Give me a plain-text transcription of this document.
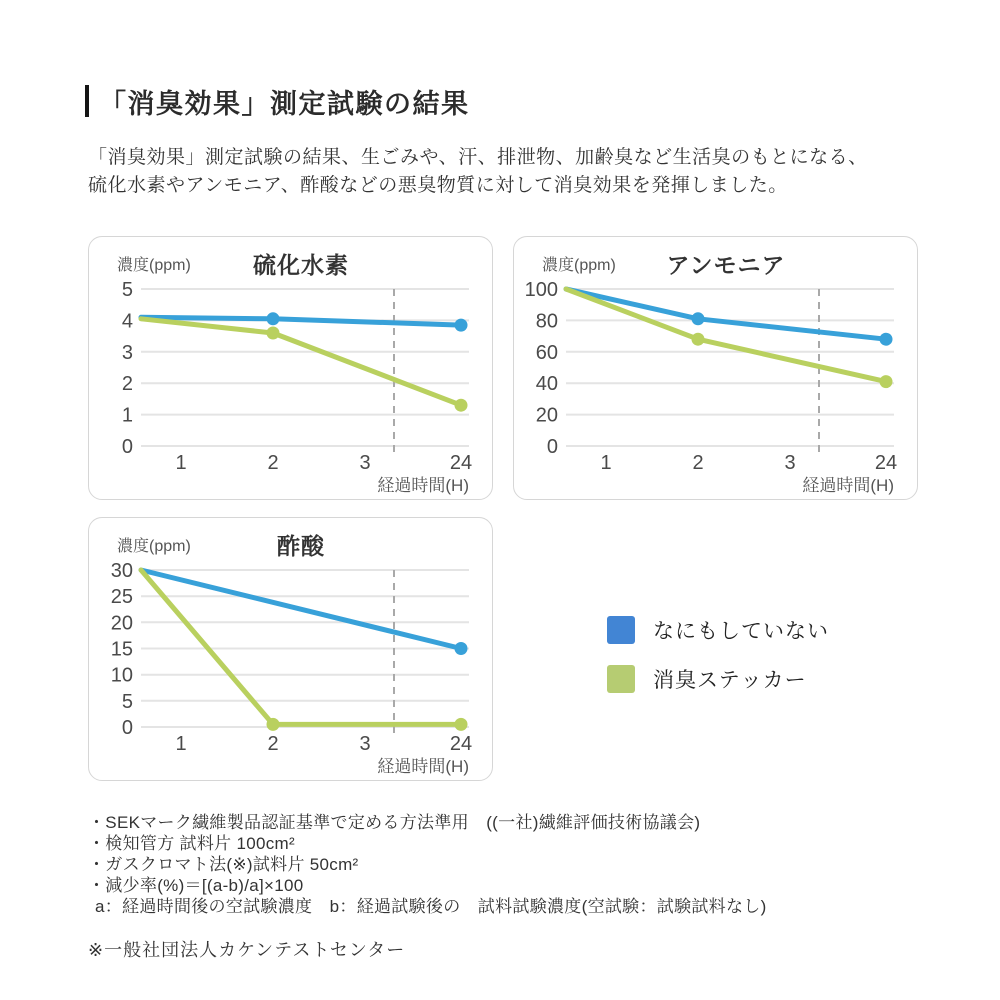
「消臭効果」測定試験の結果

「消臭効果」測定試験の結果、生ごみや、汗、排泄物、加齢臭など生活臭のもとになる、
硫化水素やアンモニア、酢酸などの悪臭物質に対して消臭効果を発揮しました。

0
1
2
3
4
5
1	2	3	24
濃度(ppm)	硫化水素
経過時間(H)
0
20
40
60
80
100
1	2	3	24
濃度(ppm) アンモニア
経過時間(H)
0
5
10
15
20
25
30
1	2	3	24
濃度(ppm)	酢酸
経過時間(H)
なにもしていない
消臭ステッカー
・SEKマーク繊維製品認証基準で定める方法準用　((一社)繊維評価技術協議会)
・検知管方 試料片 100cm²
・ガスクロマト法(※)試料片 50cm²
・減少率(%)＝[(a-b)/a]×100
a：経過時間後の空試験濃度　b：経過試験後の　試料試験濃度(空試験：試験試料なし)
※一般社団法人カケンテストセンター
